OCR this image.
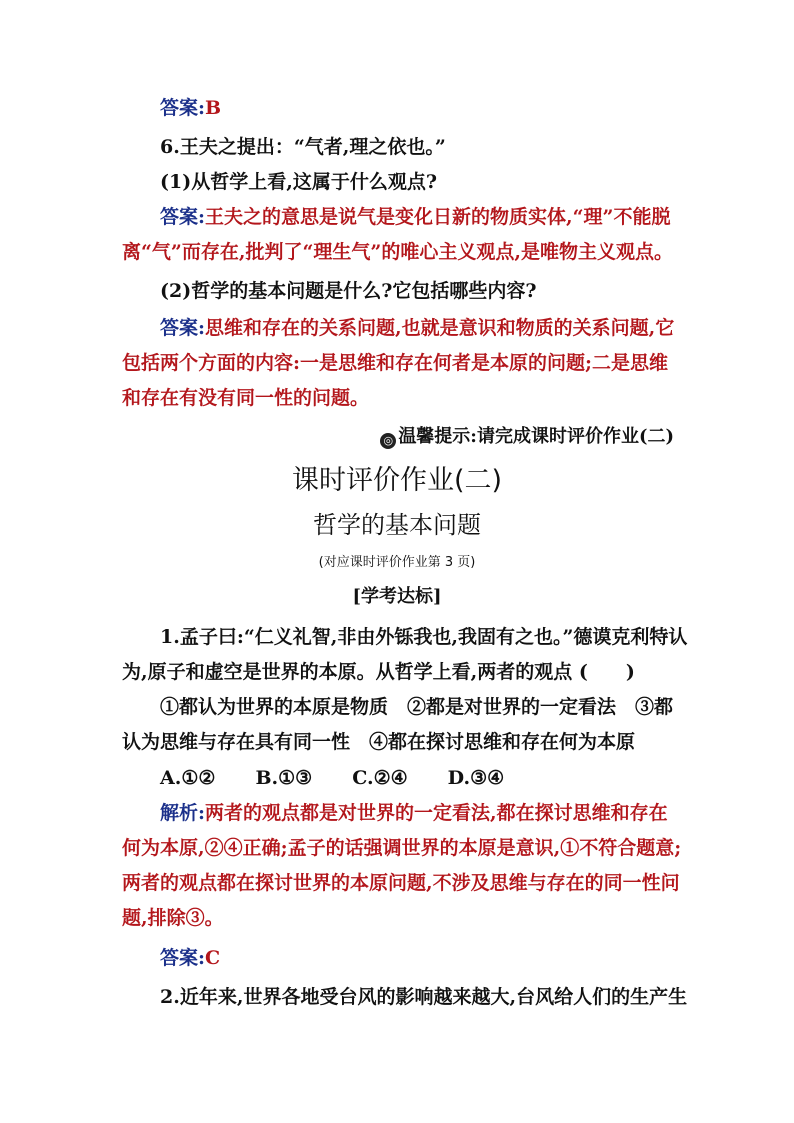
答案:B
6.王夫之提出：“气者,理之依也。”
(1)从哲学上看,这属于什么观点?
答案:王夫之的意思是说气是变化日新的物质实体,“理”不能脱
离“气”而存在,批判了“理生气”的唯心主义观点,是唯物主义观点。
(2)哲学的基本问题是什么?它包括哪些内容?
答案:思维和存在的关系问题,也就是意识和物质的关系问题,它
包括两个方面的内容:一是思维和存在何者是本原的问题;二是思维
和存在有没有同一性的问题。
◎ 温馨提示:请完成课时评价作业(二)
课时评价作业(二)
哲学的基本问题
(对应课时评价作业第 3 页)
[学考达标]
1.孟子曰:“仁义礼智,非由外铄我也,我固有之也。”德谟克利特认
为,原子和虚空是世界的本原。从哲学上看,两者的观点 (　　)
①都认为世界的本原是物质　②都是对世界的一定看法　③都
认为思维与存在具有同一性　④都在探讨思维和存在何为本原
A.①② B.①③ C.②④ D.③④
解析:两者的观点都是对世界的一定看法,都在探讨思维和存在
何为本原,②④正确;孟子的话强调世界的本原是意识,①不符合题意;
两者的观点都在探讨世界的本原问题,不涉及思维与存在的同一性问
题,排除③。
答案:C
2.近年来,世界各地受台风的影响越来越大,台风给人们的生产生
